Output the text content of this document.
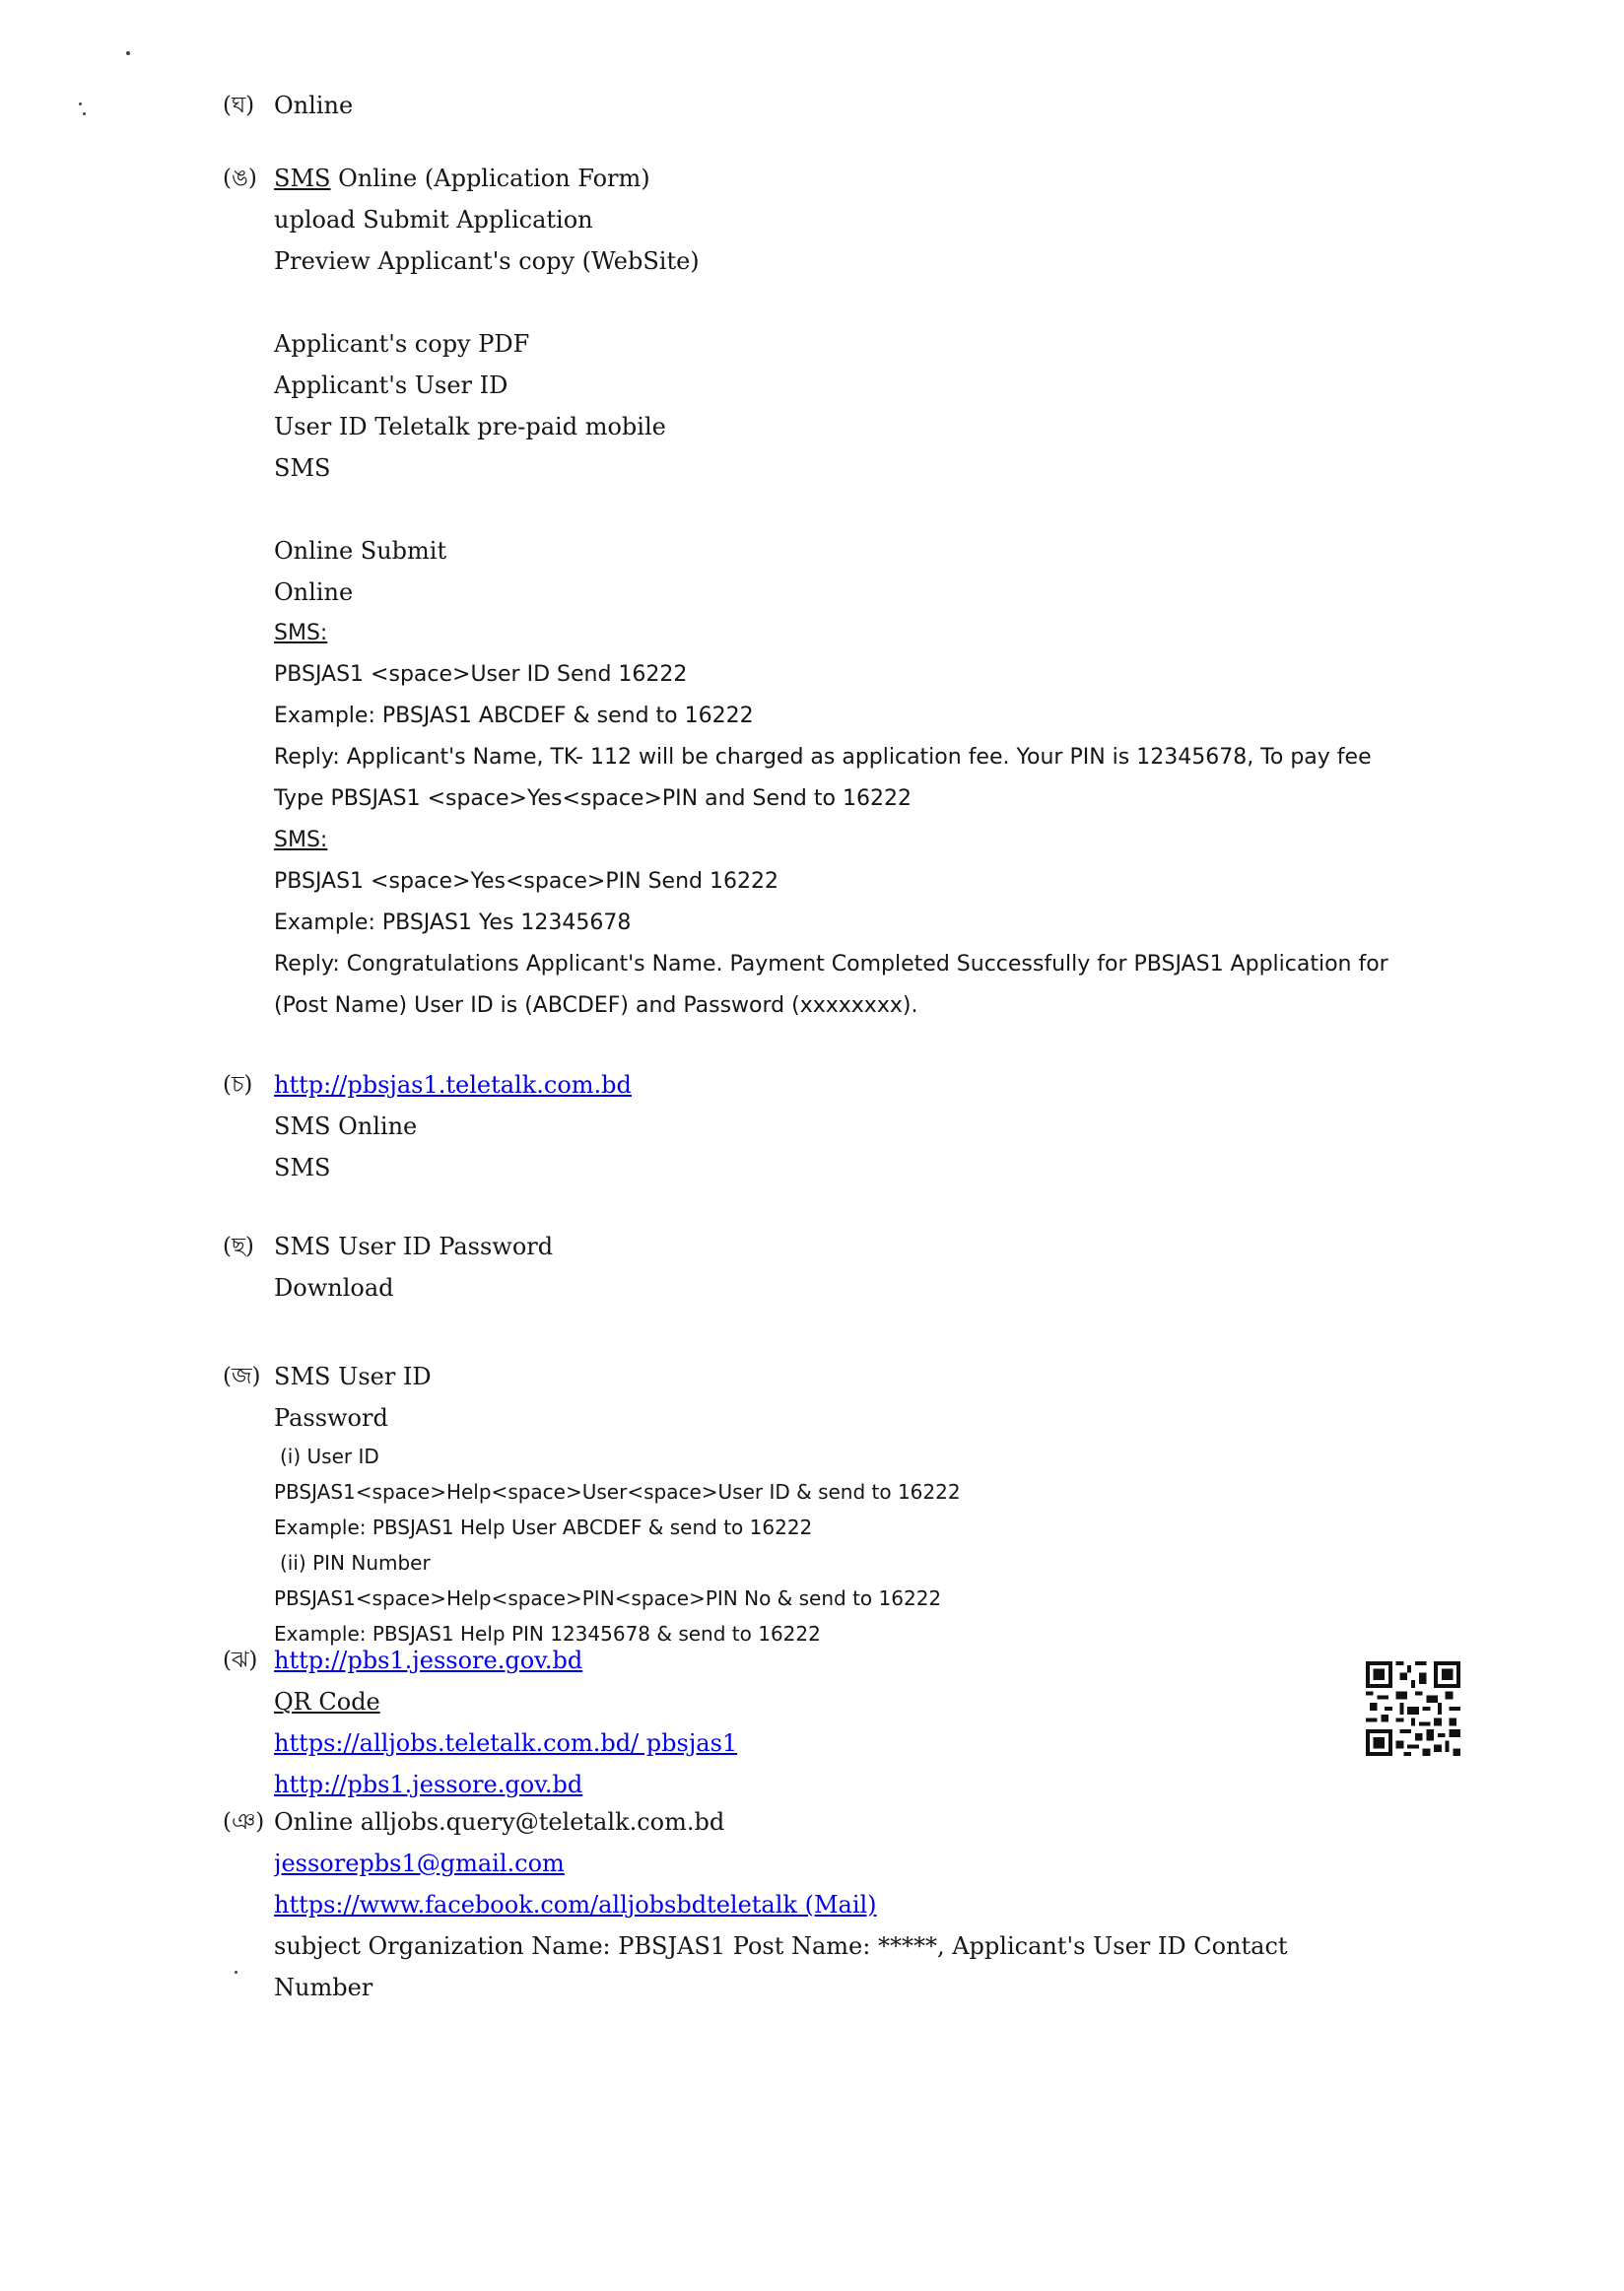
(ঘ) Online
(ঙ) SMS Online (Application Form)
upload Submit Application
Preview Applicant's copy (WebSite)
Applicant's copy PDF
Applicant's User ID
User ID Teletalk pre-paid mobile
SMS
Online Submit
Online
SMS:
PBSJAS1 <space>User ID Send 16222
Example: PBSJAS1 ABCDEF & send to 16222
Reply: Applicant's Name, TK- 112 will be charged as application fee. Your PIN is 12345678, To pay fee
Type PBSJAS1 <space>Yes<space>PIN and Send to 16222
SMS:
PBSJAS1 <space>Yes<space>PIN Send 16222
Example: PBSJAS1 Yes 12345678
Reply: Congratulations Applicant's Name. Payment Completed Successfully for PBSJAS1 Application for
(Post Name) User ID is (ABCDEF) and Password (xxxxxxxx).
(চ) http://pbsjas1.teletalk.com.bd
SMS Online
SMS
(ছ) SMS User ID Password
Download
(জ) SMS User ID
Password
(i) User ID
PBSJAS1<space>Help<space>User<space>User ID & send to 16222
Example: PBSJAS1 Help User ABCDEF & send to 16222
(ii) PIN Number
PBSJAS1<space>Help<space>PIN<space>PIN No & send to 16222
Example: PBSJAS1 Help PIN 12345678 & send to 16222
(ঝ) http://pbs1.jessore.gov.bd
QR Code
https://alljobs.teletalk.com.bd/ pbsjas1
http://pbs1.jessore.gov.bd
(ঞ) Online alljobs.query@teletalk.com.bd
jessorepbs1@gmail.com
https://www.facebook.com/alljobsbdteletalk (Mail)
subject Organization Name: PBSJAS1 Post Name: *****, Applicant's User ID Contact
Number
